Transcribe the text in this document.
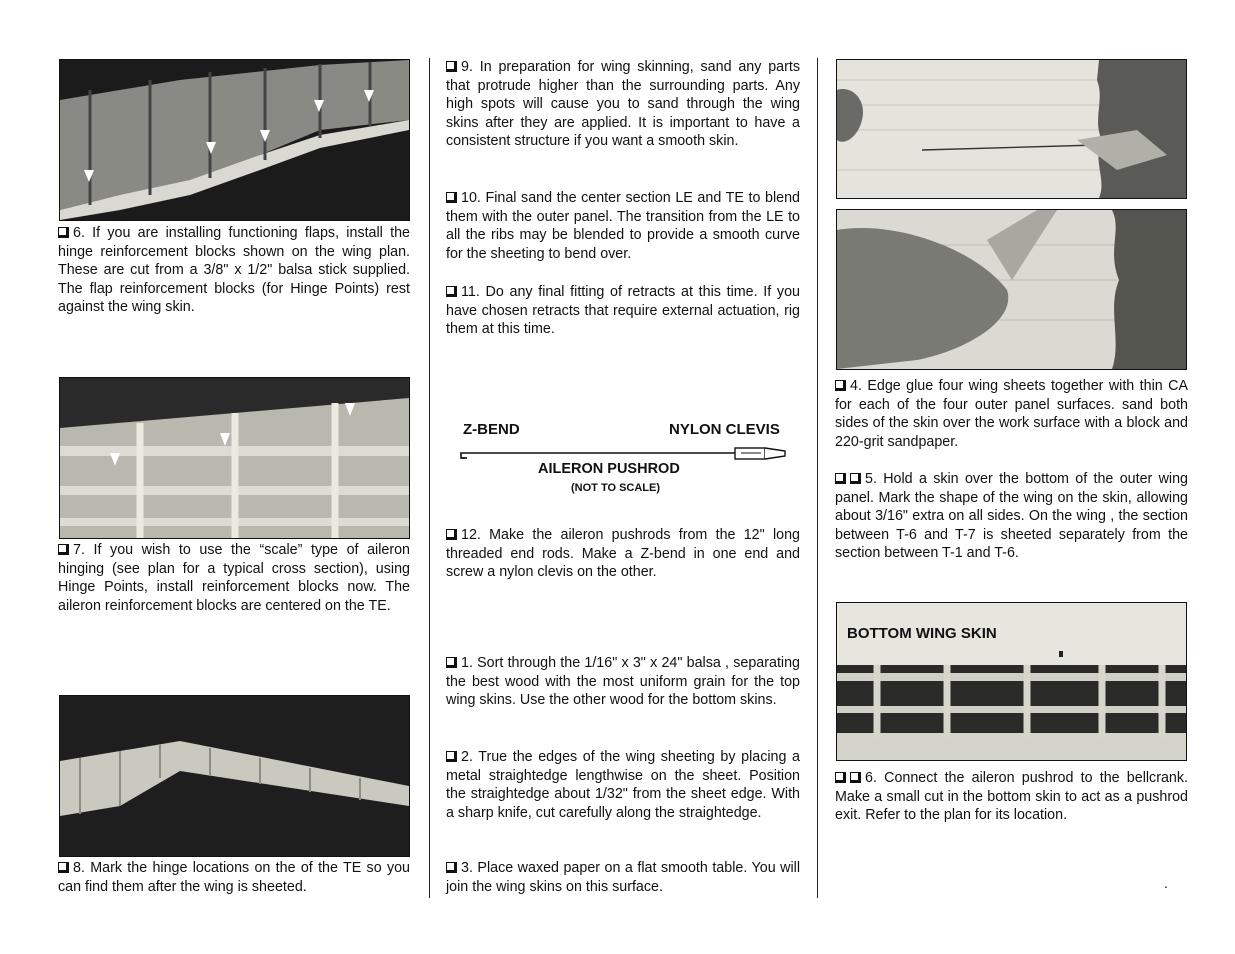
6. If you are installing functioning flaps, install the hinge reinforcement blocks shown on the wing plan. These are cut from a 3/8" x 1/2" balsa stick supplied. The flap reinforcement blocks (for Hinge Points) rest against the wing skin.

7. If you wish to use the “scale” type of aileron hinging (see plan for a typical cross section), using Hinge Points, install reinforcement blocks now. The aileron reinforcement blocks are centered on the TE.

8. Mark the hinge locations on the of the TE so you can find them after the wing is sheeted.

9. In preparation for wing skinning, sand any parts that protrude higher than the surrounding parts. Any high spots will cause you to sand through the wing skins after they are applied. It is important to have a consistent structure if you want a smooth skin.

10. Final sand the center section LE and TE to blend them with the outer panel. The transition from the LE to all the ribs may be blended to provide a smooth curve for the sheeting to bend over.

11. Do any final fitting of retracts at this time. If you have chosen retracts that require external actuation, rig them at this time.

Z-BEND	NYLON CLEVIS
AILERON PUSHROD
(NOT TO SCALE)

12. Make the aileron pushrods from the 12" long threaded end rods. Make a Z-bend in one end and screw a nylon clevis on the other.

1. Sort through the 1/16" x 3" x 24" balsa , separating the best wood with the most uniform grain for the top wing skins. Use the other wood for the bottom skins.

2. True the edges of the wing sheeting by placing a metal straightedge lengthwise on the sheet. Position the straightedge about 1/32" from the sheet edge. With a sharp knife, cut carefully along the straightedge.

3. Place waxed paper on a flat smooth table. You will join the wing skins on this surface.

4. Edge glue four wing sheets together with thin CA for each of the four outer panel surfaces. sand both sides of the skin over the work surface with a block and 220-grit sandpaper.

5. Hold a skin over the bottom of the outer wing panel. Mark the shape of the wing on the skin, allowing about 3/16" extra on all sides. On the wing , the section between T-6 and T-7 is sheeted separately from the section between T-1 and T-6.

BOTTOM WING SKIN

6. Connect the aileron pushrod to the bellcrank. Make a small cut in the bottom skin to act as a pushrod exit. Refer to the plan for its location.

.
